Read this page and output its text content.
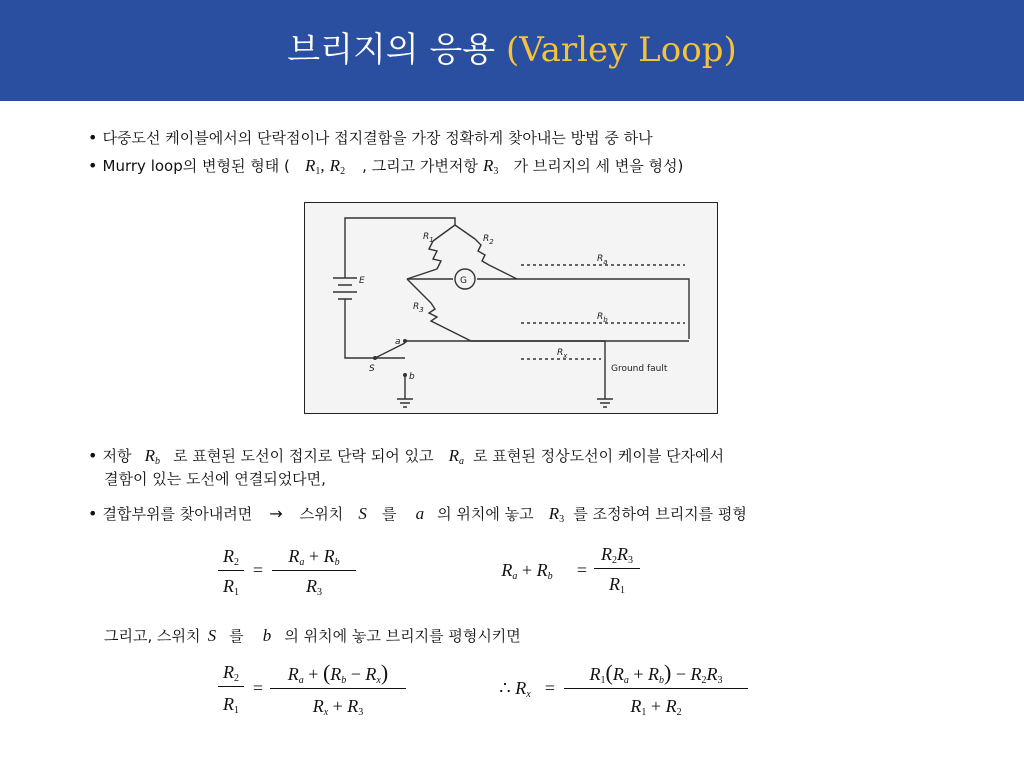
브리지의 응용 (Varley Loop)
• 다중도선 케이블에서의 단락점이나 접지결함을 가장 정확하게 찾아내는 방법 중 하나
• Murry loop의 변형된 형태 ( $R_1$, $R_2$ , 그리고 가변저항 $R_3$ 가 브리지의 세 변을 형성)
G
E
a
b
S
$R_1$	$R_2$
$R_3$
$R_a$
$R_b$
$R_x$
Ground fault
• 저항 Rb 로 표현된 도선이 접지로 단락 되어 있고 Ra 로 표현된 정상도선이 케이블 단자에서
결함이 있는 도선에 연결되었다면,
• 결합부위를 찾아내려면 → 스위치 S 를 a 의 위치에 놓고 $R_3$ 를 조정하여 브리지를 평형
$R_2$
$R_1$
=
Ra + Rb
$R_3$
Ra + Rb	=
$R_2R_3$
$R_1$
그리고, 스위치 S 를 b 의 위치에 놓고 브리지를 평형시키면
$R_2$
$R_1$
=
Ra + (Rb − Rx)
$Rx + R_3$
∴ Rx =
$R_1(Ra + Rb) - R_2R_3$
$R_1 + R_2$
